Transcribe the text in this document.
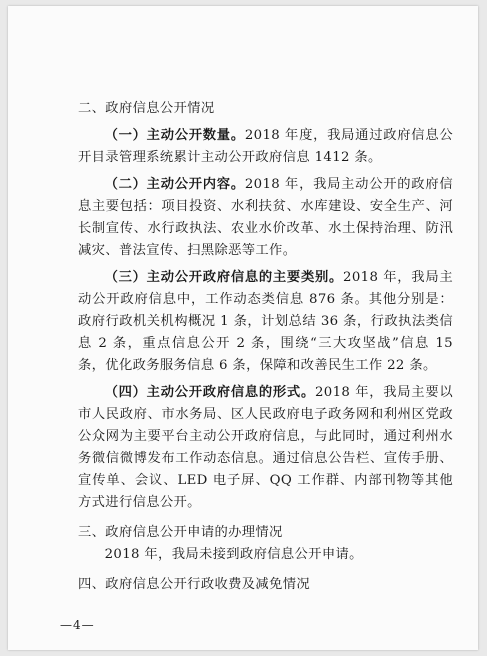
二、政府信息公开情况

（一）主动公开数量。2018 年度，我局通过政府信息公开目录管理系统累计主动公开政府信息 1412 条。

（二）主动公开内容。2018 年，我局主动公开的政府信息主要包括：项目投资、水利扶贫、水库建设、安全生产、河长制宣传、水行政执法、农业水价改革、水土保持治理、防汛减灾、普法宣传、扫黑除恶等工作。

（三）主动公开政府信息的主要类别。2018 年，我局主动公开政府信息中，工作动态类信息 876 条。其他分别是：政府行政机关机构概况 1 条，计划总结 36 条，行政执法类信息 2 条，重点信息公开 2 条，围绕“三大攻坚战”信息 15 条，优化政务服务信息 6 条，保障和改善民生工作 22 条。

（四）主动公开政府信息的形式。2018 年，我局主要以市人民政府、市水务局、区人民政府电子政务网和利州区党政公众网为主要平台主动公开政府信息，与此同时，通过利州水务微信微博发布工作动态信息。通过信息公告栏、宣传手册、宣传单、会议、LED 电子屏、QQ 工作群、内部刊物等其他方式进行信息公开。

三、政府信息公开申请的办理情况

2018 年，我局未接到政府信息公开申请。

四、政府信息公开行政收费及减免情况

—4—
